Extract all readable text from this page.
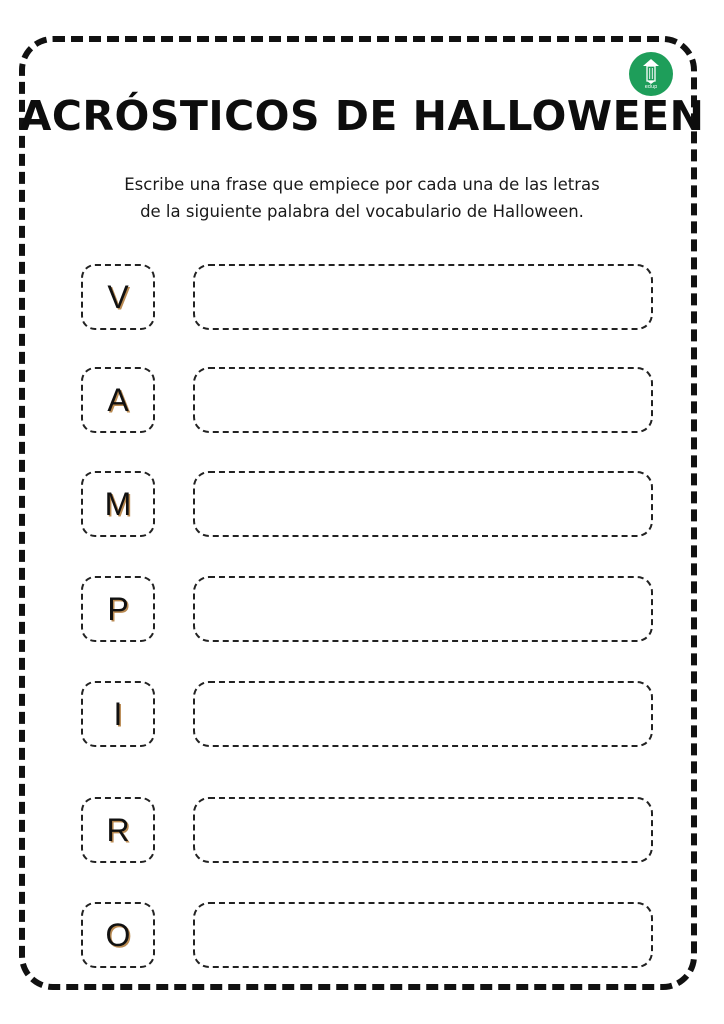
edup
ACRÓSTICOS DE HALLOWEEN

Escribe una frase que empiece por cada una de las letras
de la siguiente palabra del vocabulario de Halloween.

V
A
M
P
I
R
O
